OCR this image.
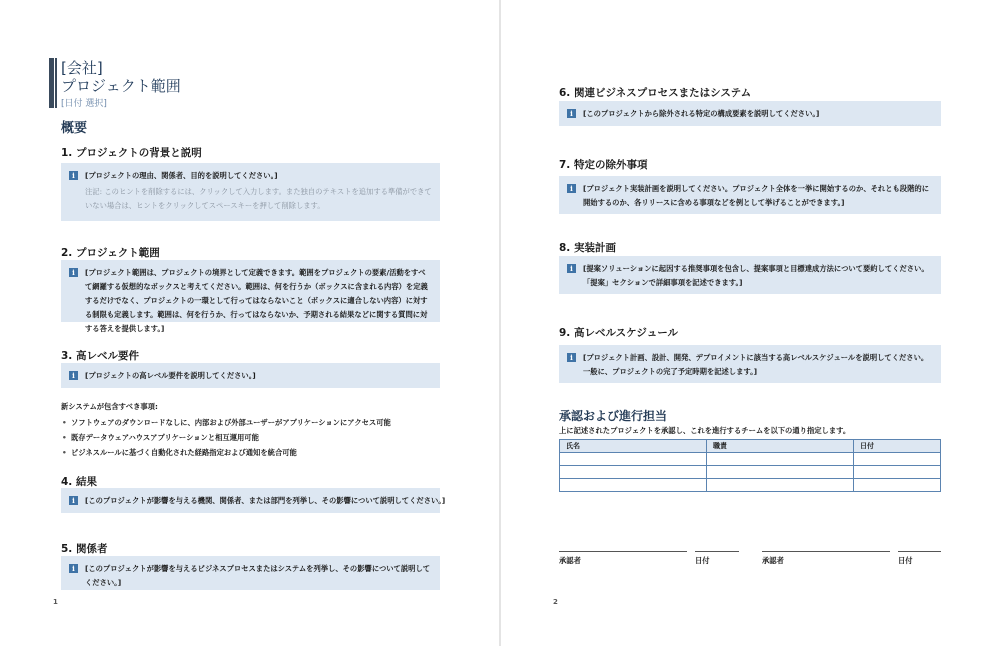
[会社]
プロジェクト範囲
[日付 選択]
概要
1. プロジェクトの背景と説明
i	[プロジェクトの理由、関係者、目的を説明してください。]
注記: このヒントを削除するには、クリックして入力します。また独自のテキストを追加する準備ができていない場合は、ヒントをクリックしてスペースキーを押して削除します。
2. プロジェクト範囲
i	[プロジェクト範囲は、プロジェクトの境界として定義できます。範囲をプロジェクトの要素/活動をすべて網羅する仮想的なボックスと考えてください。範囲は、何を行うか（ボックスに含まれる内容）を定義するだけでなく、プロジェクトの一環として行ってはならないこと（ボックスに適合しない内容）に対する制限も定義します。範囲は、何を行うか、行ってはならないか、予期される結果などに関する質問に対する答えを提供します。]
3. 高レベル要件
i	[プロジェクトの高レベル要件を説明してください。]
新システムが包含すべき事項:
• ソフトウェアのダウンロードなしに、内部および外部ユーザーがアプリケーションにアクセス可能
• 既存データウェアハウスアプリケーションと相互運用可能
• ビジネスルールに基づく自動化された経路指定および通知を統合可能
4. 結果
i	[このプロジェクトが影響を与える機関、関係者、または部門を列挙し、その影響について説明してください。]
5. 関係者
i	[このプロジェクトが影響を与えるビジネスプロセスまたはシステムを列挙し、その影響について説明してください。]
1
6. 関連ビジネスプロセスまたはシステム
i	[このプロジェクトから除外される特定の構成要素を説明してください。]
7. 特定の除外事項
i	[プロジェクト実装計画を説明してください。プロジェクト全体を一挙に開始するのか、それとも段階的に開始するのか、各リリースに含める事項などを例として挙げることができます。]
8. 実装計画
i	[提案ソリューションに起因する推奨事項を包含し、提案事項と目標達成方法について要約してください。「提案」セクションで詳細事項を記述できます。]
9. 高レベルスケジュール
i	[プロジェクト計画、設計、開発、デプロイメントに該当する高レベルスケジュールを説明してください。一般に、プロジェクトの完了予定時期を記述します。]
承認および進行担当
上に記述されたプロジェクトを承認し、これを進行するチームを以下の通り指定します。
氏名	職責	日付

承認者	日付	承認者	日付
2
